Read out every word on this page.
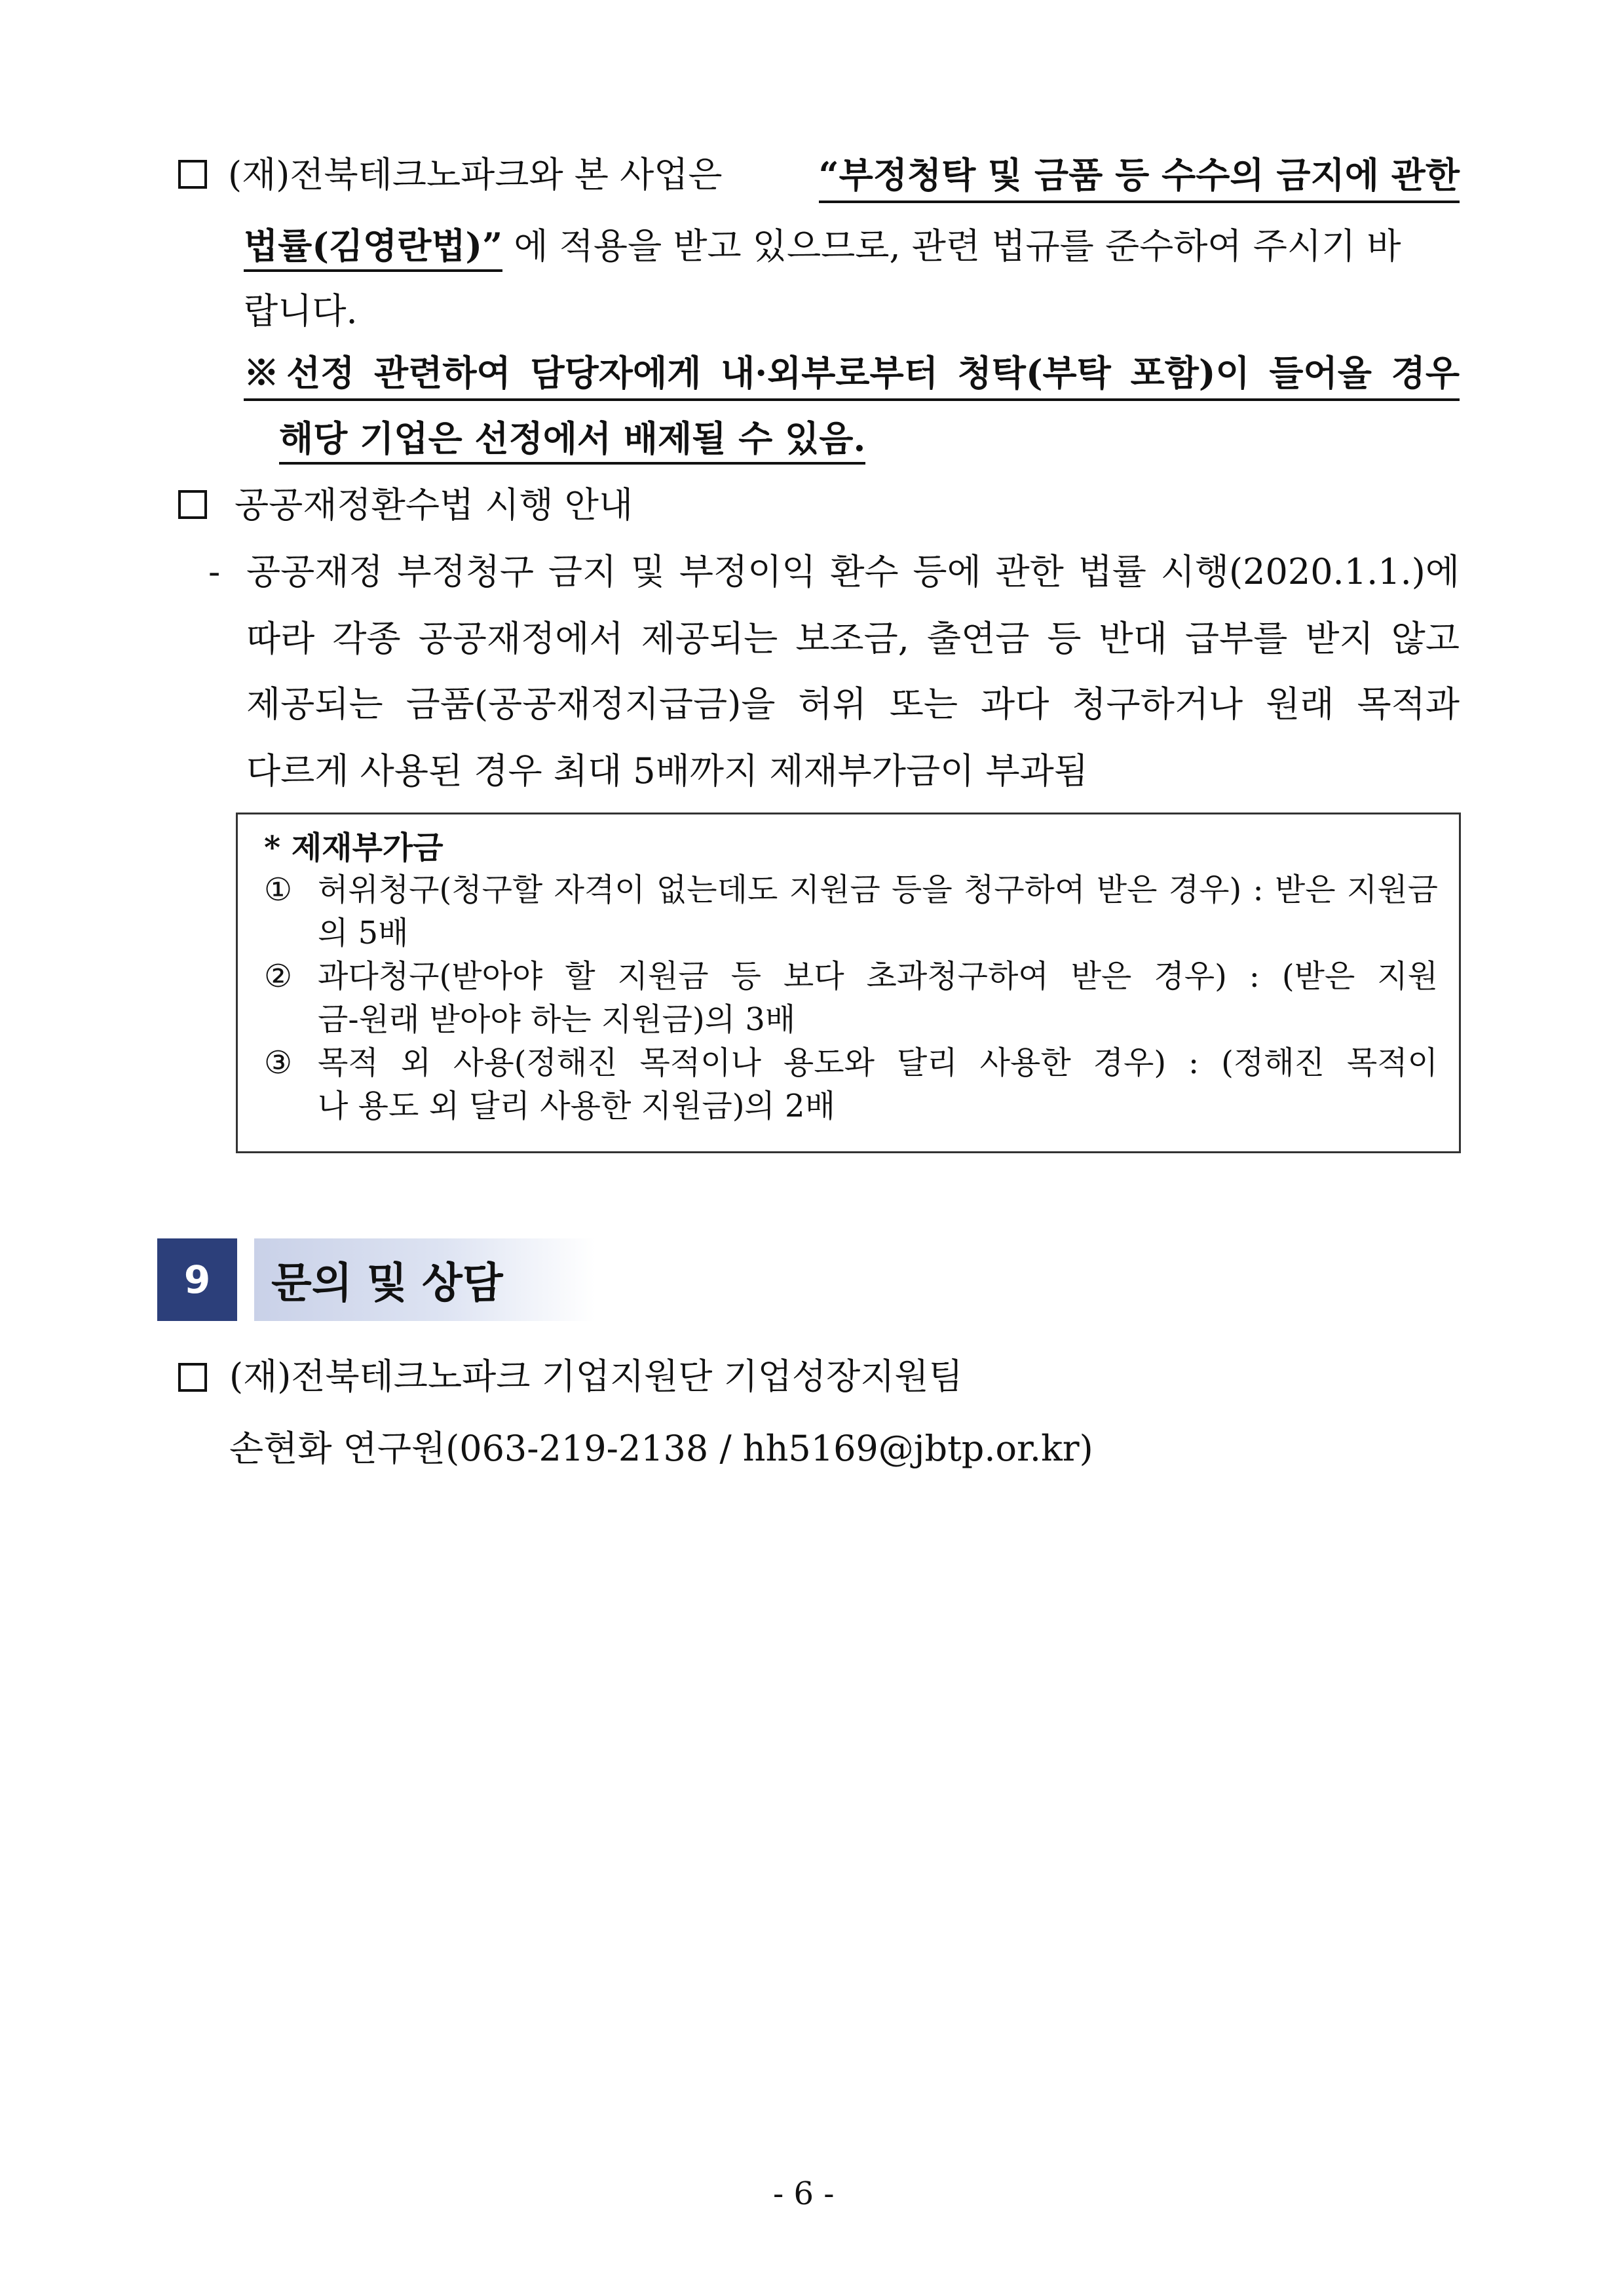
(재)전북테크노파크와 본 사업은	“부정청탁 및 금품 등 수수의 금지에 관한
법률(김영란법)” 에 적용을 받고 있으므로, 관련 법규를 준수하여 주시기 바
랍니다.
※선정 관련하여 담당자에게 내·외부로부터 청탁(부탁 포함)이 들어올 경우
해당 기업은 선정에서 배제될 수 있음.
공공재정환수법 시행 안내
- 공공재정 부정청구 금지 및 부정이익 환수 등에 관한 법률 시행(2020.1.1.)에
따라 각종 공공재정에서 제공되는 보조금, 출연금 등 반대 급부를 받지 않고
제공되는 금품(공공재정지급금)을 허위 또는 과다 청구하거나 원래 목적과
다르게 사용된 경우 최대 5배까지 제재부가금이 부과됨
* 제재부가금
① 허위청구(청구할 자격이 없는데도 지원금 등을 청구하여 받은 경우) : 받은 지원금
의 5배
② 과다청구(받아야 할 지원금 등 보다 초과청구하여 받은 경우) : (받은 지원
금-원래 받아야 하는 지원금)의 3배
③ 목적 외 사용(정해진 목적이나 용도와 달리 사용한 경우) : (정해진 목적이
나 용도 외 달리 사용한 지원금)의 2배
9	문의 및 상담
(재)전북테크노파크 기업지원단 기업성장지원팀
손현화 연구원(063-219-2138 / hh5169@jbtp.or.kr)
- 6 -
